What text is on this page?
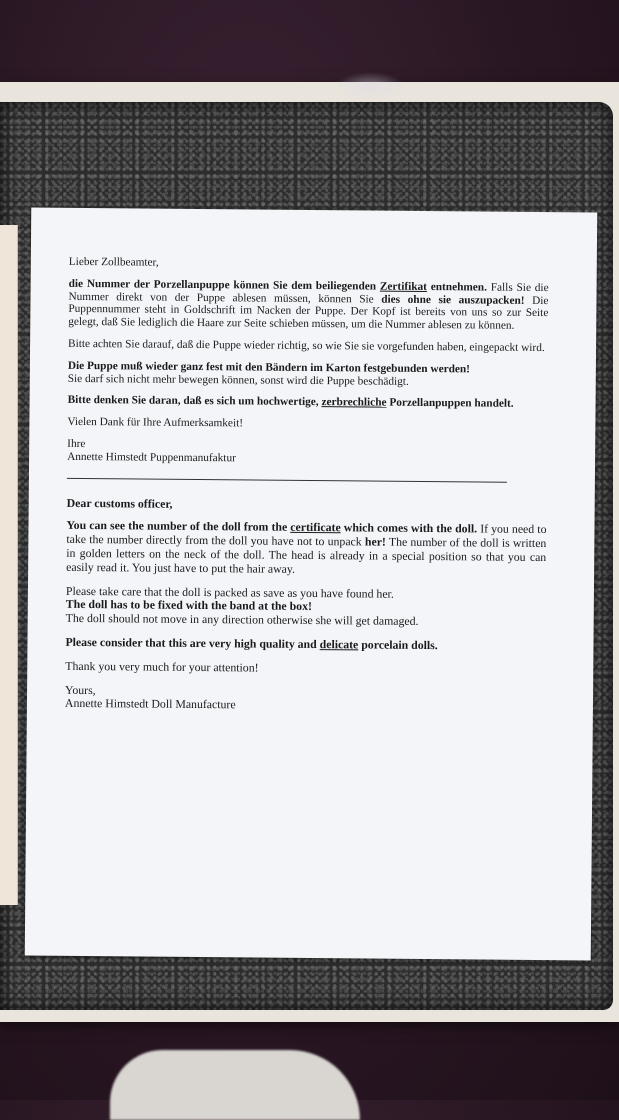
Lieber Zollbeamter,

die Nummer der Porzellanpuppe können Sie dem beiliegenden Zertifikat entnehmen. Falls Sie die Nummer direkt von der Puppe ablesen müssen, können Sie dies ohne sie auszupacken! Die Puppennummer steht in Goldschrift im Nacken der Puppe. Der Kopf ist bereits von uns so zur Seite gelegt, daß Sie lediglich die Haare zur Seite schieben müssen, um die Nummer ablesen zu können.

Bitte achten Sie darauf, daß die Puppe wieder richtig, so wie Sie sie vorgefunden haben, eingepackt wird.

Die Puppe muß wieder ganz fest mit den Bändern im Karton festgebunden werden!

Sie darf sich nicht mehr bewegen können, sonst wird die Puppe beschädigt.

Bitte denken Sie daran, daß es sich um hochwertige, zerbrechliche Porzellanpuppen handelt.

Vielen Dank für Ihre Aufmerksamkeit!

Ihre

Annette Himstedt Puppenmanufaktur

Dear customs officer,

You can see the number of the doll from the certificate which comes with the doll. If you need to take the number directly from the doll you have not to unpack her! The number of the doll is written in golden letters on the neck of the doll. The head is already in a special position so that you can easily read it. You just have to put the hair away.

Please take care that the doll is packed as save as you have found her.

The doll has to be fixed with the band at the box!

The doll should not move in any direction otherwise she will get damaged.

Please consider that this are very high quality and delicate porcelain dolls.

Thank you very much for your attention!

Yours,

Annette Himstedt Doll Manufacture
